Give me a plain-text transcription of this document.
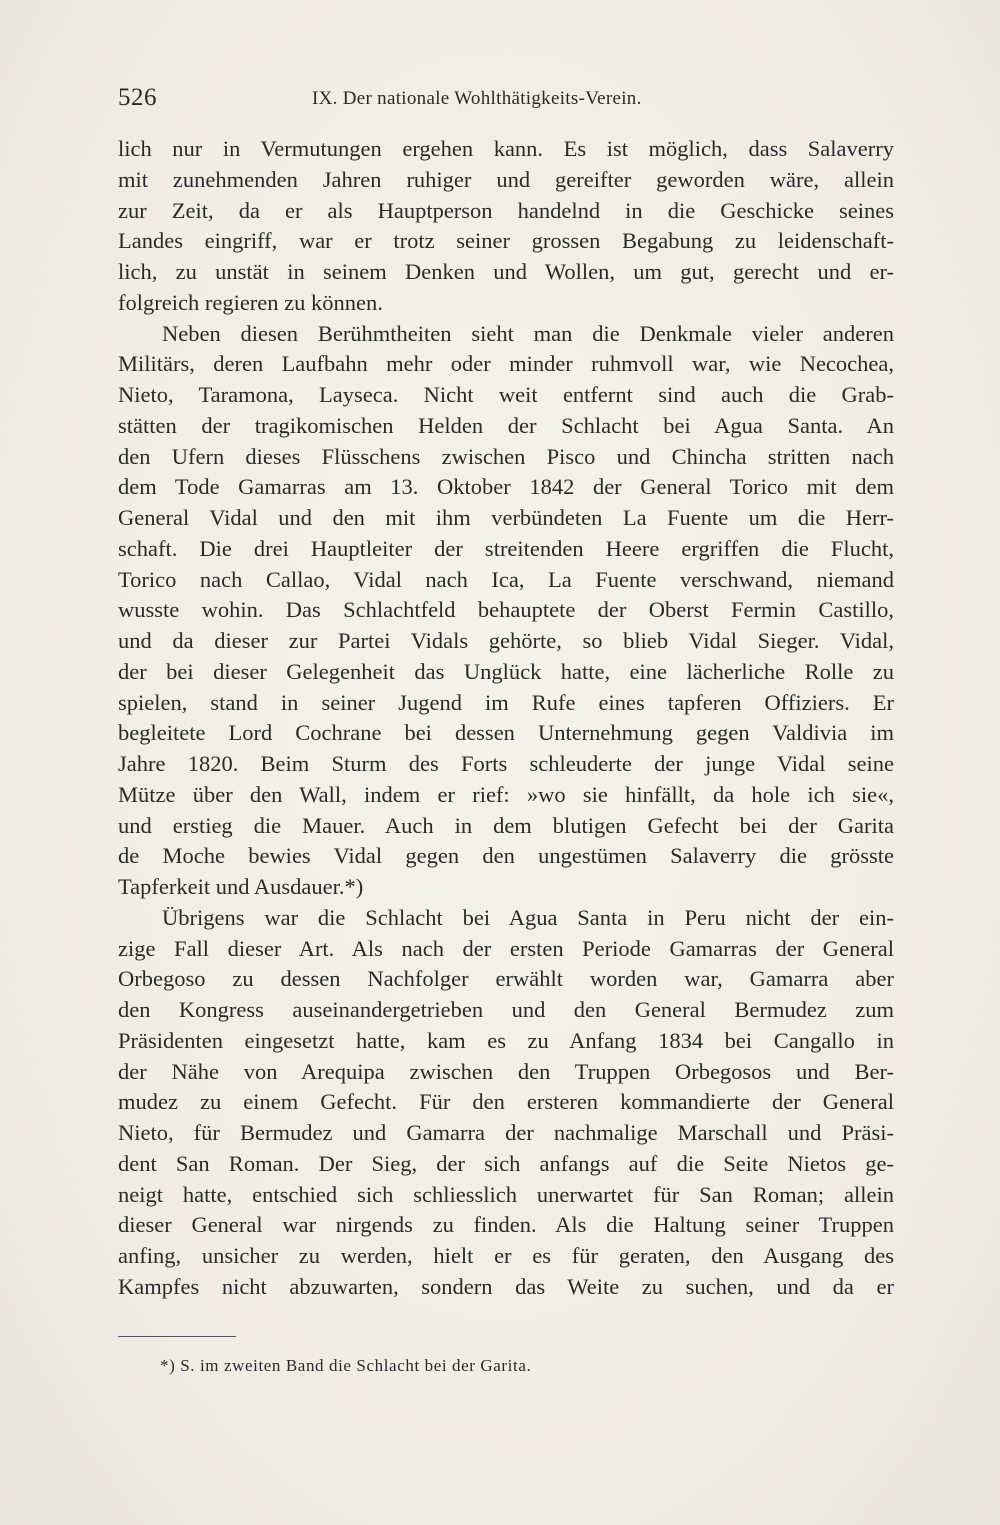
526	IX. Der nationale Wohlthätigkeits-Verein.
lich nur in Vermutungen ergehen kann. Es ist möglich, dass Salaverry
mit zunehmenden Jahren ruhiger und gereifter geworden wäre, allein
zur Zeit, da er als Hauptperson handelnd in die Geschicke seines
Landes eingriff, war er trotz seiner grossen Begabung zu leidenschaft-
lich, zu unstät in seinem Denken und Wollen, um gut, gerecht und er-
folgreich regieren zu können.
Neben diesen Berühmtheiten sieht man die Denkmale vieler anderen
Militärs, deren Laufbahn mehr oder minder ruhmvoll war, wie Necochea,
Nieto, Taramona, Layseca. Nicht weit entfernt sind auch die Grab-
stätten der tragikomischen Helden der Schlacht bei Agua Santa. An
den Ufern dieses Flüsschens zwischen Pisco und Chincha stritten nach
dem Tode Gamarras am 13. Oktober 1842 der General Torico mit dem
General Vidal und den mit ihm verbündeten La Fuente um die Herr-
schaft. Die drei Hauptleiter der streitenden Heere ergriffen die Flucht,
Torico nach Callao, Vidal nach Ica, La Fuente verschwand, niemand
wusste wohin. Das Schlachtfeld behauptete der Oberst Fermin Castillo,
und da dieser zur Partei Vidals gehörte, so blieb Vidal Sieger. Vidal,
der bei dieser Gelegenheit das Unglück hatte, eine lächerliche Rolle zu
spielen, stand in seiner Jugend im Rufe eines tapferen Offiziers. Er
begleitete Lord Cochrane bei dessen Unternehmung gegen Valdivia im
Jahre 1820. Beim Sturm des Forts schleuderte der junge Vidal seine
Mütze über den Wall, indem er rief: »wo sie hinfällt, da hole ich sie«,
und erstieg die Mauer. Auch in dem blutigen Gefecht bei der Garita
de Moche bewies Vidal gegen den ungestümen Salaverry die grösste
Tapferkeit und Ausdauer.*)
Übrigens war die Schlacht bei Agua Santa in Peru nicht der ein-
zige Fall dieser Art. Als nach der ersten Periode Gamarras der General
Orbegoso zu dessen Nachfolger erwählt worden war, Gamarra aber
den Kongress auseinandergetrieben und den General Bermudez zum
Präsidenten eingesetzt hatte, kam es zu Anfang 1834 bei Cangallo in
der Nähe von Arequipa zwischen den Truppen Orbegosos und Ber-
mudez zu einem Gefecht. Für den ersteren kommandierte der General
Nieto, für Bermudez und Gamarra der nachmalige Marschall und Präsi-
dent San Roman. Der Sieg, der sich anfangs auf die Seite Nietos ge-
neigt hatte, entschied sich schliesslich unerwartet für San Roman; allein
dieser General war nirgends zu finden. Als die Haltung seiner Truppen
anfing, unsicher zu werden, hielt er es für geraten, den Ausgang des
Kampfes nicht abzuwarten, sondern das Weite zu suchen, und da er
*) S. im zweiten Band die Schlacht bei der Garita.
